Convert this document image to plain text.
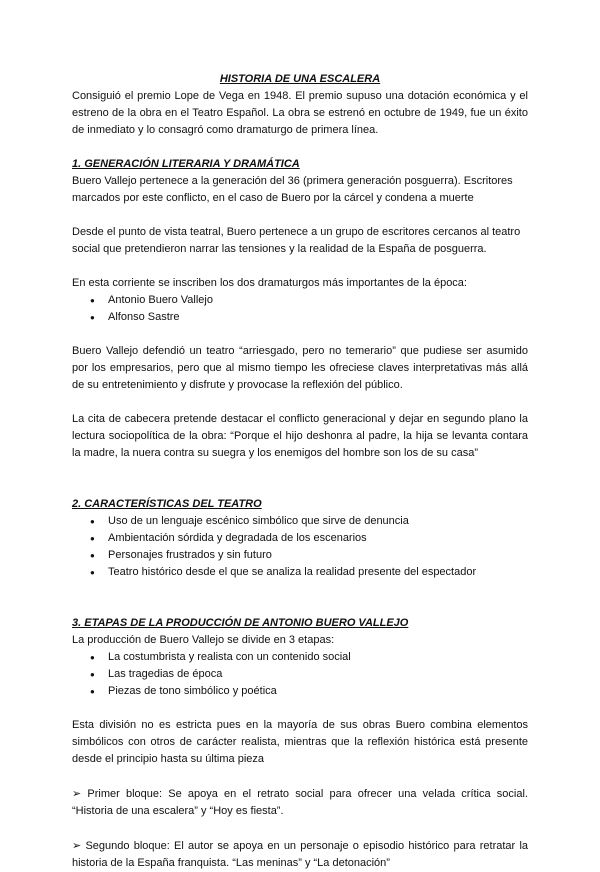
HISTORIA DE UNA ESCALERA

Consiguió el premio Lope de Vega en 1948. El premio supuso una dotación económica y el estreno de la obra en el Teatro Español. La obra se estrenó en octubre de 1949, fue un éxito de inmediato y lo consagró como dramaturgo de primera línea.

1. GENERACIÓN LITERARIA Y DRAMÁTICA

Buero Vallejo pertenece a la generación del 36 (primera generación posguerra). Escritores marcados por este conflicto, en el caso de Buero por la cárcel y condena a muerte

Desde el punto de vista teatral, Buero pertenece a un grupo de escritores cercanos al teatro social que pretendieron narrar las tensiones y la realidad de la España de posguerra.

En esta corriente se inscriben los dos dramaturgos más importantes de la época:

● Antonio Buero Vallejo
● Alfonso Sastre

Buero Vallejo defendió un teatro “arriesgado, pero no temerario” que pudiese ser asumido por los empresarios, pero que al mismo tiempo les ofreciese claves interpretativas más allá de su entretenimiento y disfrute y provocase la reflexión del público.

La cita de cabecera pretende destacar el conflicto generacional y dejar en segundo plano la lectura sociopolítica de la obra: “Porque el hijo deshonra al padre, la hija se levanta contara la madre, la nuera contra su suegra y los enemigos del hombre son los de su casa”

2. CARACTERÍSTICAS DEL TEATRO

● Uso de un lenguaje escénico simbólico que sirve de denuncia
● Ambientación sórdida y degradada de los escenarios
● Personajes frustrados y sin futuro
● Teatro histórico desde el que se analiza la realidad presente del espectador

3. ETAPAS DE LA PRODUCCIÓN DE ANTONIO BUERO VALLEJO

La producción de Buero Vallejo se divide en 3 etapas:

● La costumbrista y realista con un contenido social
● Las tragedias de época
● Piezas de tono simbólico y poética

Esta división no es estricta pues en la mayoría de sus obras Buero combina elementos simbólicos con otros de carácter realista, mientras que la reflexión histórica está presente desde el principio hasta su última pieza

➢ Primer bloque: Se apoya en el retrato social para ofrecer una velada crítica social. “Historia de una escalera” y “Hoy es fiesta”.

➢ Segundo bloque: El autor se apoya en un personaje o episodio histórico para retratar la historia de la España franquista. “Las meninas” y “La detonación”
